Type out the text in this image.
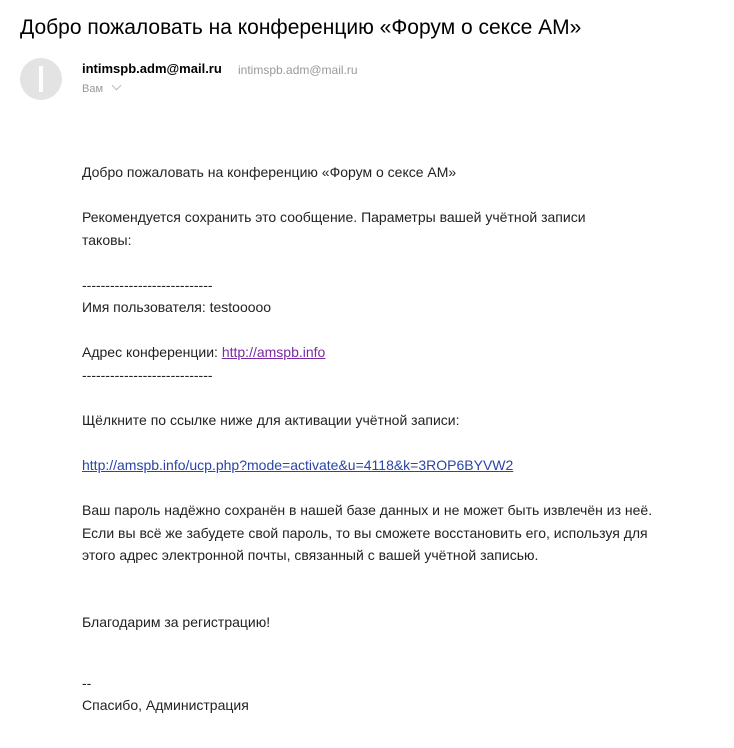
Добро пожаловать на конференцию «Форум о сексе АМ»
intimspb.adm@mail.ru intimspb.adm@mail.ru
Вам

Добро пожаловать на конференцию «Форум о сексе АМ»

Рекомендуется сохранить это сообщение. Параметры вашей учётной записи таковы:

----------------------------
Имя пользователя: testooooo
Адрес конференции: http://amspb.info
----------------------------
Щёлкните по ссылке ниже для активации учётной записи:
http://amspb.info/ucp.php?mode=activate&u=4118&k=3ROP6BYVW2

Ваш пароль надёжно сохранён в нашей базе данных и не может быть извлечён из неё. Если вы всё же забудете свой пароль, то вы сможете восстановить его, используя для этого адрес электронной почты, связанный с вашей учётной записью.

Благодарим за регистрацию!
--
Спасибо, Администрация
